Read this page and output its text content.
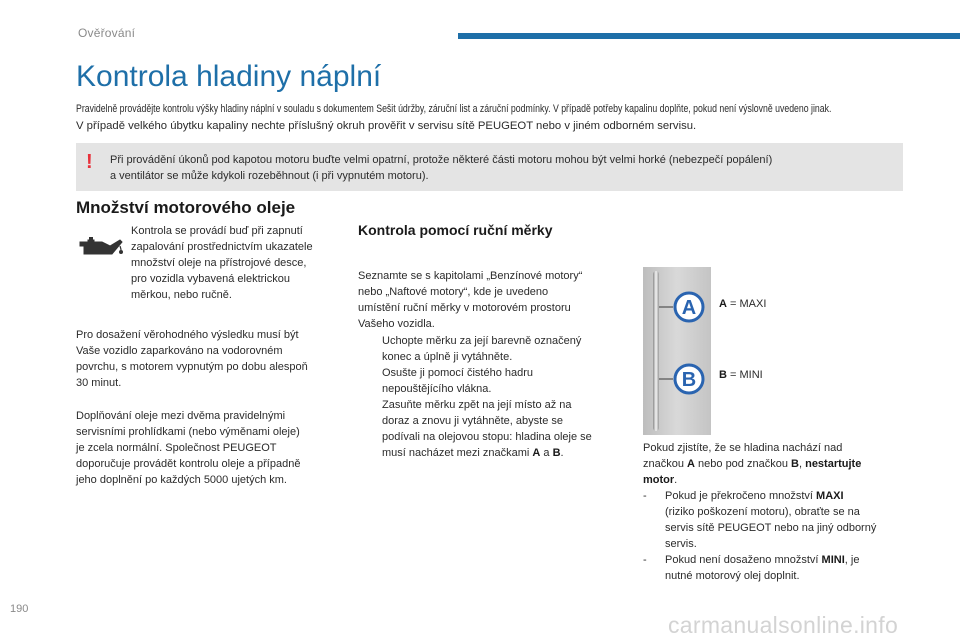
Ověřování
Kontrola hladiny náplní
Pravidelně provádějte kontrolu výšky hladiny náplní v souladu s dokumentem Sešit údržby, záruční list a záruční podmínky. V případě potřeby kapalinu doplňte, pokud není výslovně uvedeno jinak.
V případě velkého úbytku kapaliny nechte příslušný okruh prověřit v servisu sítě PEUGEOT nebo v jiném odborném servisu.
! Při provádění úkonů pod kapotou motoru buďte velmi opatrní, protože některé části motoru mohou být velmi horké (nebezpečí popálení)
a ventilátor se může kdykoli rozeběhnout (i při vypnutém motoru).
Množství motorového oleje
Kontrola se provádí buď při zapnutí
zapalování prostřednictvím ukazatele
množství oleje na přístrojové desce,
pro vozidla vybavená elektrickou
měrkou, nebo ručně.
Pro dosažení věrohodného výsledku musí být
Vaše vozidlo zaparkováno na vodorovném
povrchu, s motorem vypnutým po dobu alespoň
30 minut.
Doplňování oleje mezi dvěma pravidelnými
servisními prohlídkami (nebo výměnami oleje)
je zcela normální. Společnost PEUGEOT
doporučuje provádět kontrolu oleje a případně
jeho doplnění po každých 5000 ujetých km.
Kontrola pomocí ruční měrky
Seznamte se s kapitolami „Benzínové motory“
nebo „Naftové motory“, kde je uvedeno
umístění ruční měrky v motorovém prostoru
Vašeho vozidla.
Uchopte měrku za její barevně označený
konec a úplně ji vytáhněte.
Osušte ji pomocí čistého hadru
nepouštějícího vlákna.
Zasuňte měrku zpět na její místo až na
doraz a znovu ji vytáhněte, abyste se
podívali na olejovou stopu: hladina oleje se
musí nacházet mezi značkami A a B.
A
B
A = MAXI
B = MINI
Pokud zjistíte, že se hladina nachází nad
značkou A nebo pod značkou B, nestartujte
motor.
- Pokud je překročeno množství MAXI
(riziko poškození motoru), obraťte se na
servis sítě PEUGEOT nebo na jiný odborný
servis.
- Pokud není dosaženo množství MINI, je
nutné motorový olej doplnit.
190
carmanualsonline.info
